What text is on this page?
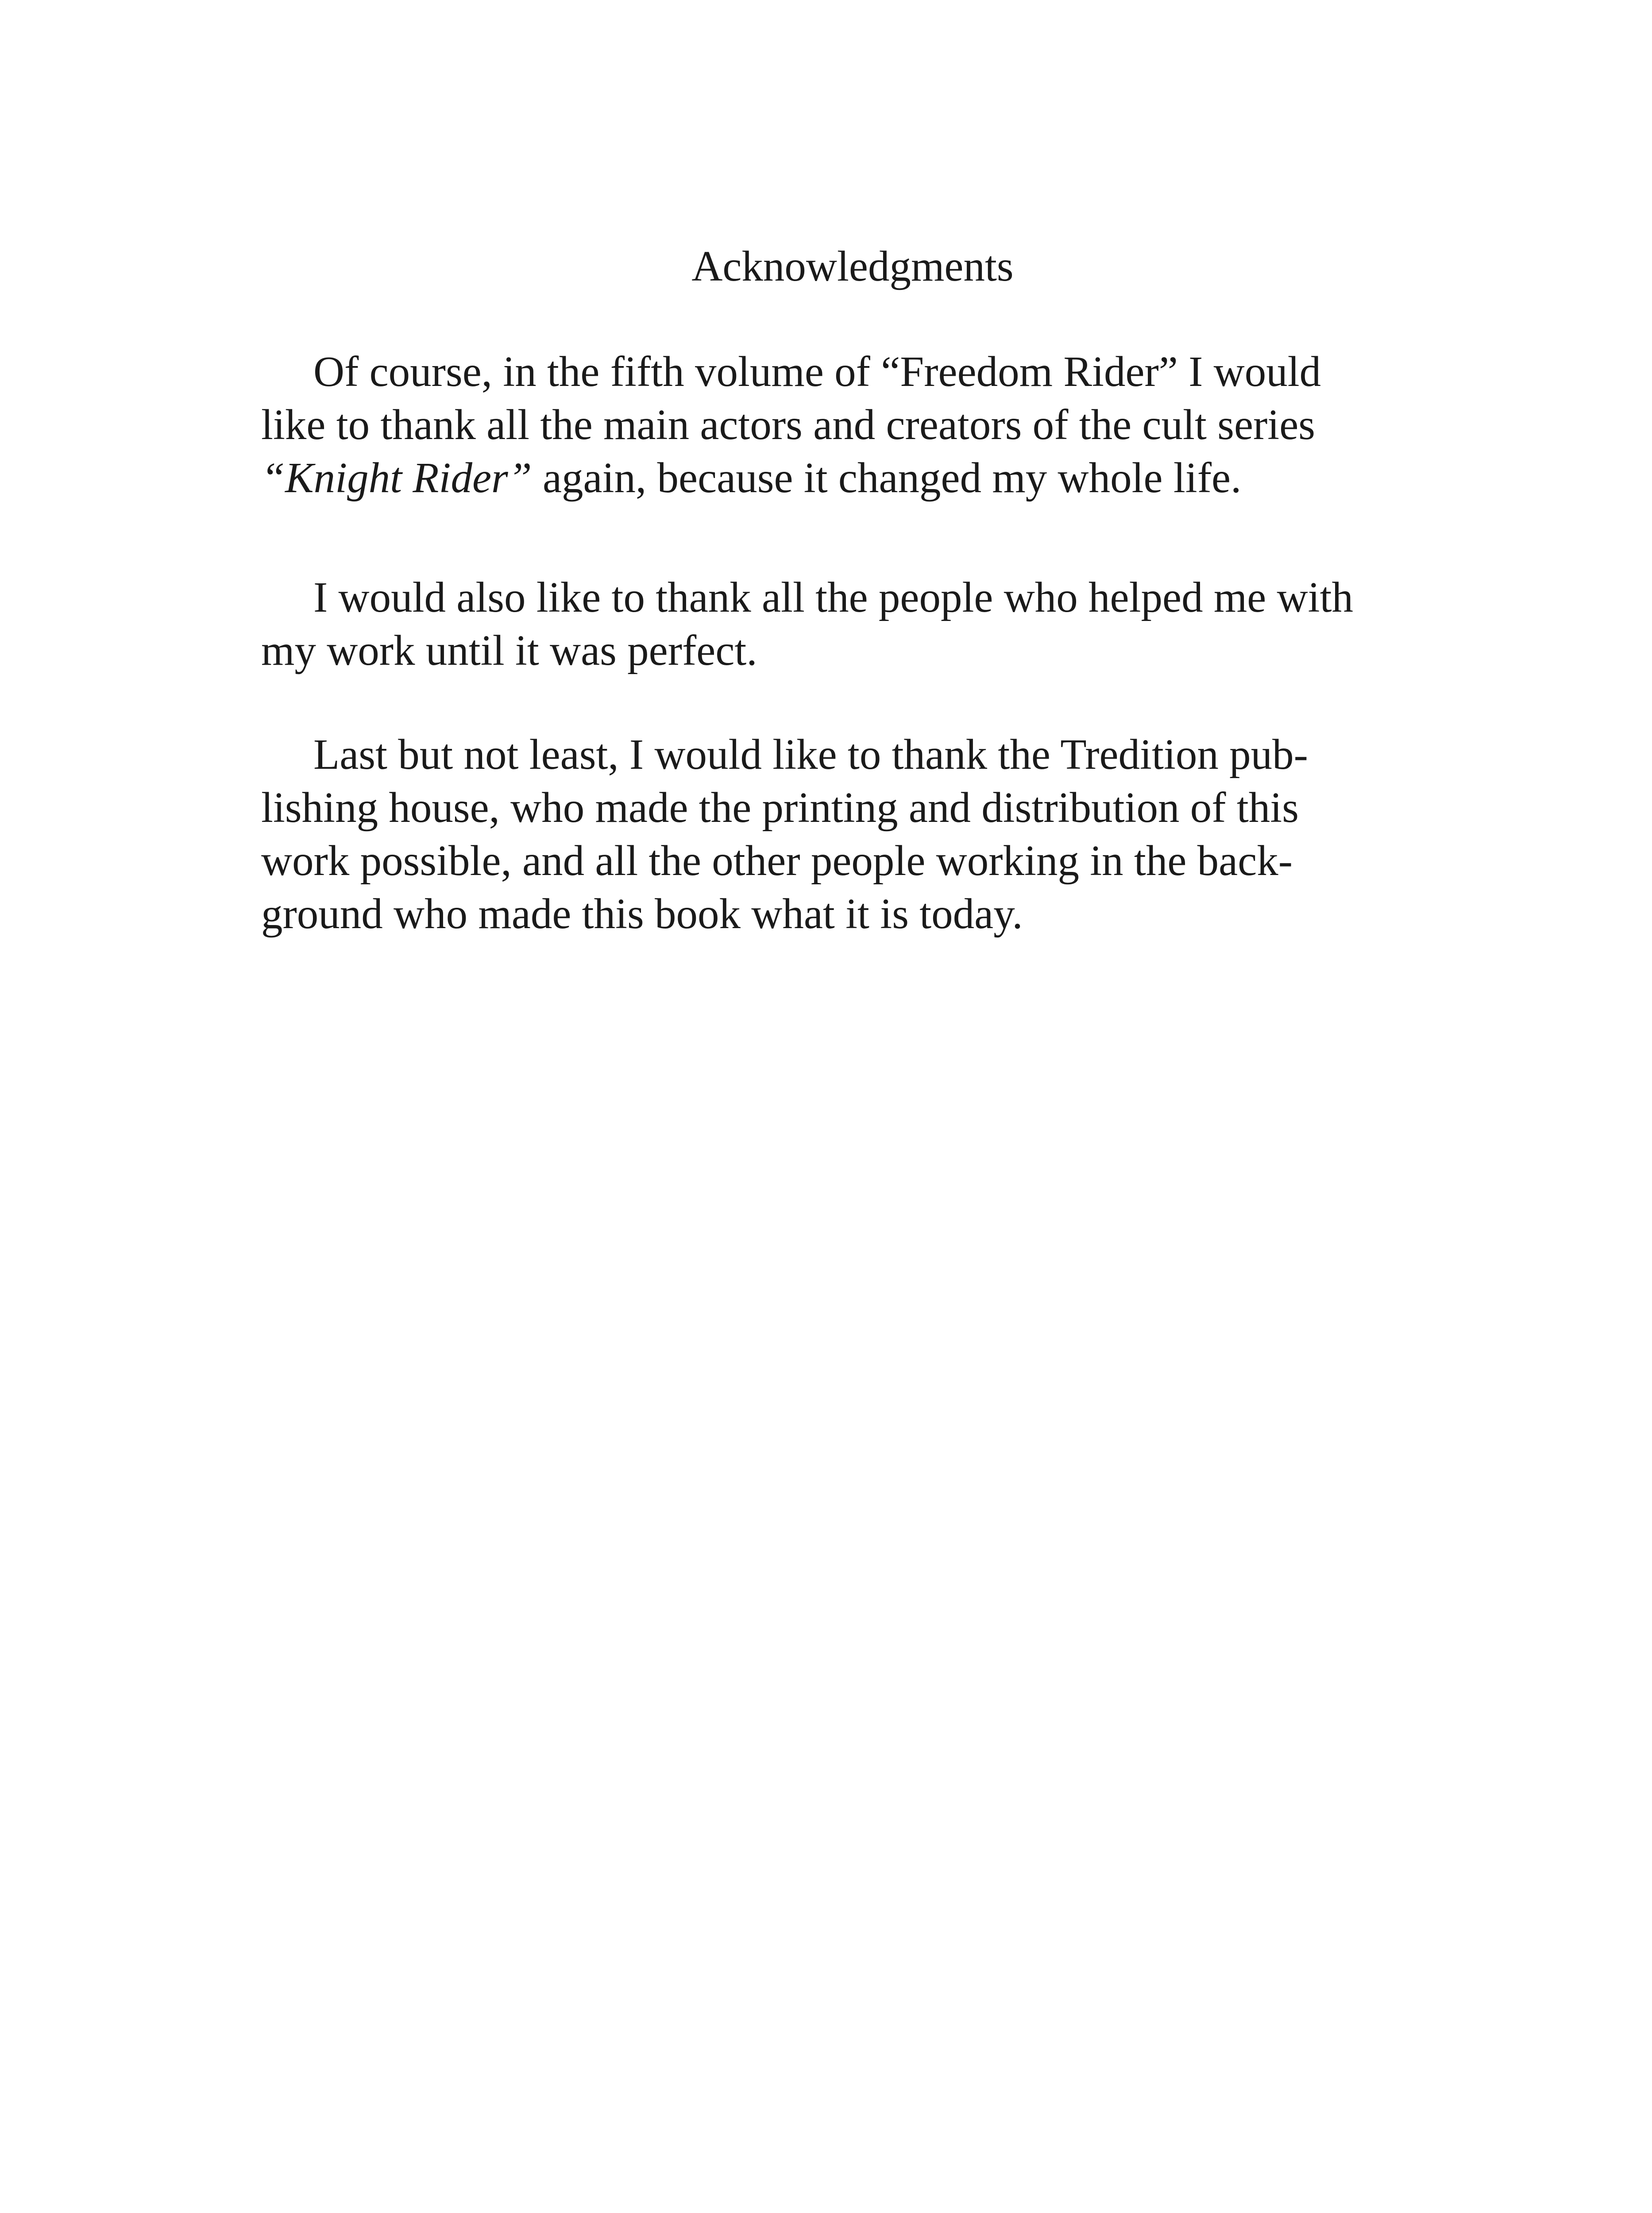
Acknowledgments

Of course, in the fifth volume of “Freedom Rider” I would
like to thank all the main actors and creators of the cult series
“Knight Rider” again, because it changed my whole life.

I would also like to thank all the people who helped me with
my work until it was perfect.

Last but not least, I would like to thank the Tredition pub-
lishing house, who made the printing and distribution of this
work possible, and all the other people working in the back-
ground who made this book what it is today.
